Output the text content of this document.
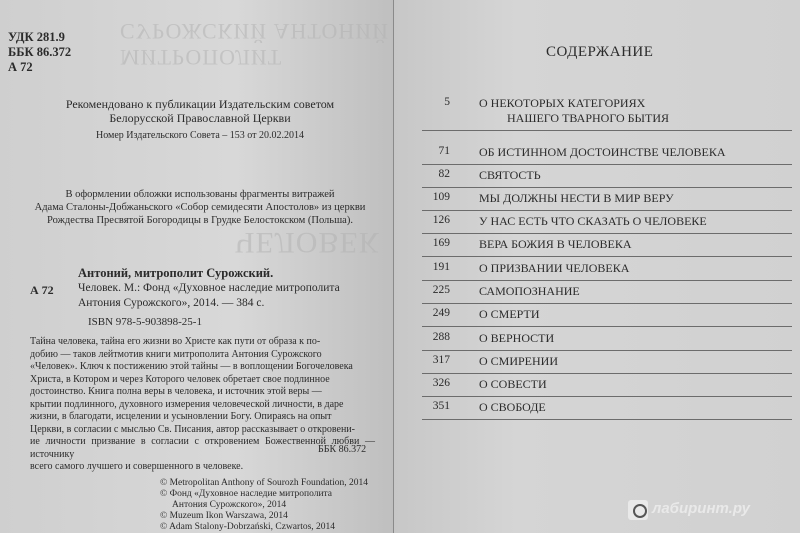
МИТРОПОЛИТ СУРОЖСКИЙ АНТОНИЙ
ЧЕЛОВЕК
УДК 281.9
ББК 86.372
А 72
Рекомендовано к публикации Издательским советом
Белорусской Православной Церкви
Номер Издательского Совета – 153 от 20.02.2014
В оформлении обложки использованы фрагменты витражей
Адама Сталоны-Добжаньского «Собор семидесяти Апостолов» из церкви
Рождества Пресвятой Богородицы в Грудке Белостокском (Польша).
Антоний, митрополит Сурожский.
А 72 Человек. М.: Фонд «Духовное наследие митрополита
Антония Сурожского», 2014. — 384 с.
ISBN 978-5-903898-25-1
Тайна человека, тайна его жизни во Христе как пути от образа к по-
добию — таков лейтмотив книги митрополита Антония Сурожского
«Человек». Ключ к постижению этой тайны — в воплощении Богочеловека
Христа, в Котором и через Которого человек обретает свое подлинное
достоинство. Книга полна веры в человека, и источник этой веры —
крытии подлинного, духовного измерения человеческой личности, в даре
жизни, в благодати, исцелении и усыновлении Богу. Опираясь на опыт
Церкви, в согласии с мыслью Св. Писания, автор рассказывает о откровени-
ие личности призвание в согласии с откровением Божественной любви — источнику
всего самого лучшего и совершенного в человеке.
ББК 86.372
© Metropolitan Anthony of Sourozh Foundation, 2014
© Фонд «Духовное наследие митрополита
Антония Сурожского», 2014
© Muzeum Ikon Warszawa, 2014
© Adam Stalony-Dobrzański, Czwartos, 2014
СОДЕРЖАНИЕ
5 О НЕКОТОРЫХ КАТЕГОРИЯХ
НАШЕГО ТВАРНОГО БЫТИЯ
71 ОБ ИСТИННОМ ДОСТОИНСТВЕ ЧЕЛОВЕКА
82 СВЯТОСТЬ
109 МЫ ДОЛЖНЫ НЕСТИ В МИР ВЕРУ
126 У НАС ЕСТЬ ЧТО СКАЗАТЬ О ЧЕЛОВЕКЕ
169 ВЕРА БОЖИЯ В ЧЕЛОВЕКА
191 О ПРИЗВАНИИ ЧЕЛОВЕКА
225 САМОПОЗНАНИЕ
249 О СМЕРТИ
288 О ВЕРНОСТИ
317 О СМИРЕНИИ
326 О СОВЕСТИ
351 О СВОБОДЕ
лабиринт.ру
